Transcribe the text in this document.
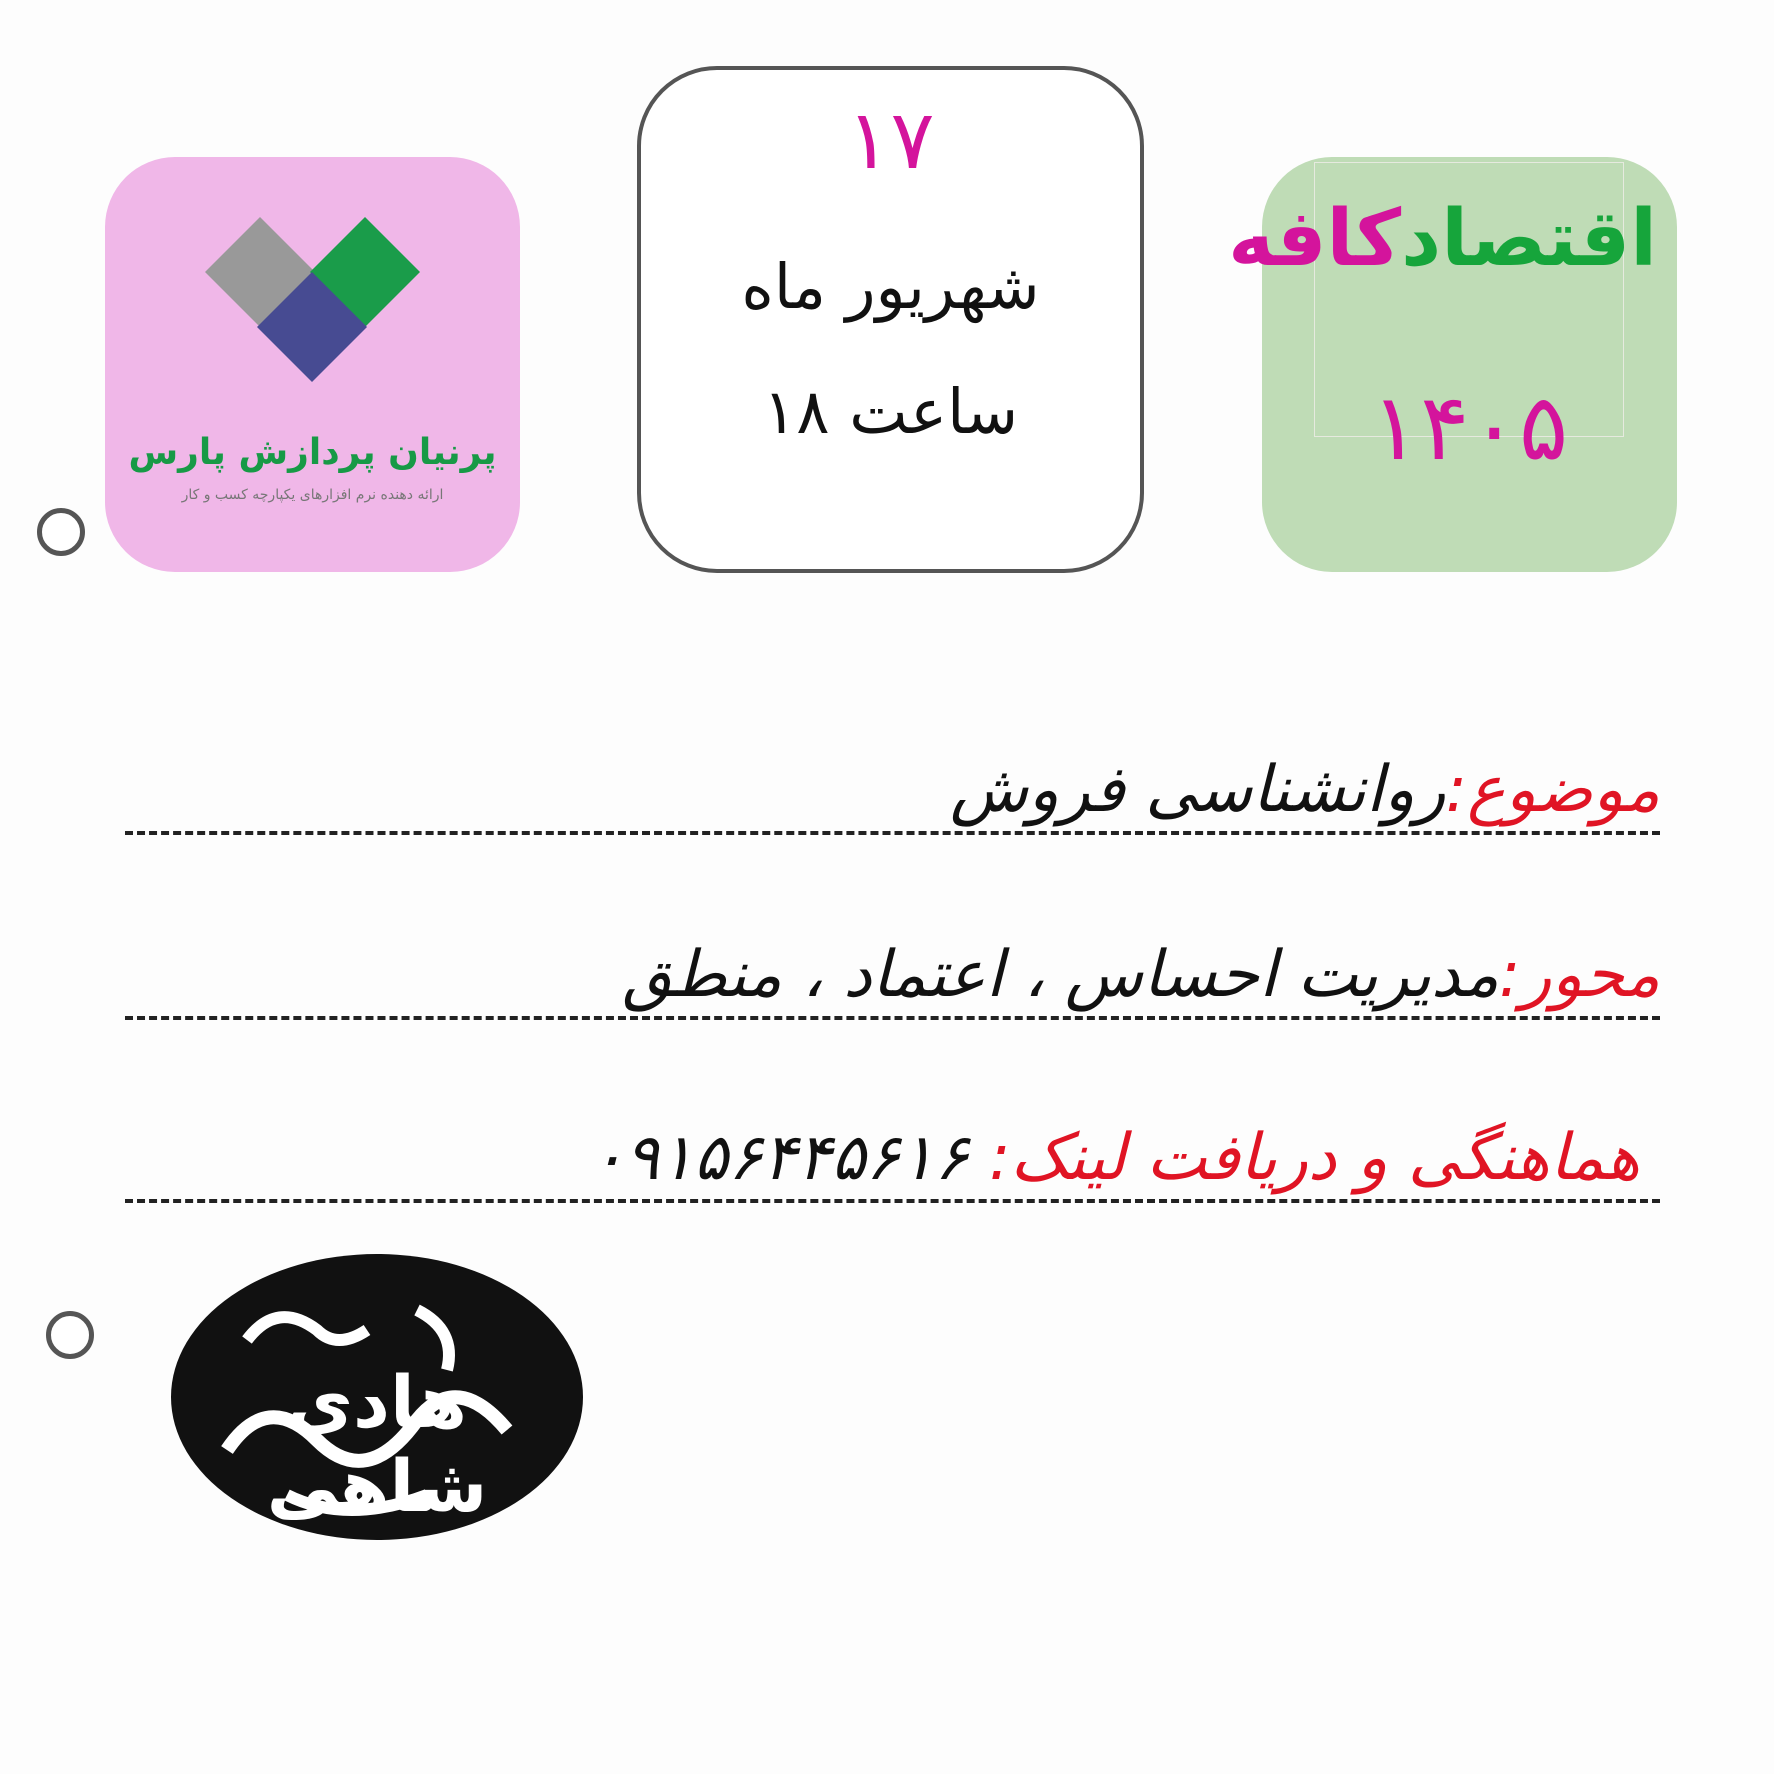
پرنیان پردازش پارس
ارائه دهنده نرم افزارهای یکپارچه کسب و کار
۱۷
شهریور ماه
ساعت ۱۸
اقتصادکافه
۱۴۰۵
موضوع:روانشناسی فروش
محور:مدیریت احساس ، اعتماد ، منطق
هماهنگی و دریافت لینک: ۰۹۱۵۶۴۴۵۶۱۶
هادی شاهی
